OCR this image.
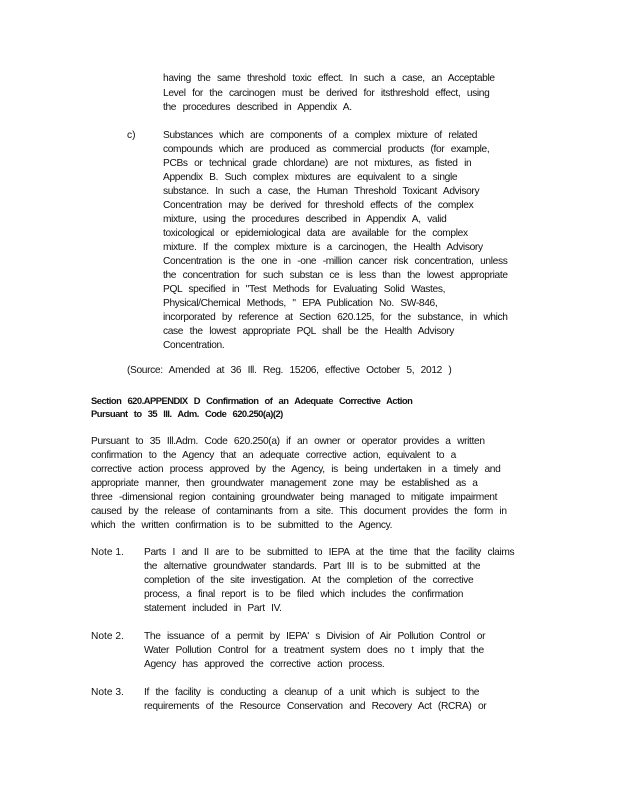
having the same threshold toxic effect. In such a case, an Acceptable
Level for the carcinogen must be derived for itsthreshold effect, using
the procedures described in Appendix A.
c)	Substances which are components of a complex mixture of related
compounds which are produced as commercial products (for example,
PCBs or technical grade chlordane) are not mixtures, as fisted in
Appendix B. Such complex mixtures are equivalent to a single
substance. In such a case, the Human Threshold Toxicant Advisory
Concentration may be derived for threshold effects of the complex
mixture, using the procedures described in Appendix A, valid
toxicological or epidemiological data are available for the complex
mixture. If the complex mixture is a carcinogen, the Health Advisory
Concentration is the one in -one -million cancer risk concentration, unless
the concentration for such substan ce is less than the lowest appropriate
PQL specified in "Test Methods for Evaluating Solid Wastes,
Physical/Chemical Methods, " EPA Publication No. SW-846,
incorporated by reference at Section 620.125, for the substance, in which
case the lowest appropriate PQL shall be the Health Advisory
Concentration.
(Source: Amended at 36 Ill. Reg. 15206, effective October 5, 2012 )
Section 620.APPENDIX D Confirmation of an Adequate Corrective Action
Pursuant to 35 Ill. Adm. Code 620.250(a)(2)
Pursuant to 35 Ill.Adm. Code 620.250(a) if an owner or operator provides a written
confirmation to the Agency that an adequate corrective action, equivalent to a
corrective action process approved by the Agency, is being undertaken in a timely and
appropriate manner, then groundwater management zone may be established as a
three -dimensional region containing groundwater being managed to mitigate impairment
caused by the release of contaminants from a site. This document provides the form in
which the written confirmation is to be submitted to the Agency.
Note 1. Parts I and II are to be submitted to IEPA at the time that the facility claims
the alternative groundwater standards. Part III is to be submitted at the
completion of the site investigation. At the completion of the corrective
process, a final report is to be filed which includes the confirmation
statement included in Part IV.
Note 2. The issuance of a permit by IEPA' s Division of Air Pollution Control or
Water Pollution Control for a treatment system does no t imply that the
Agency has approved the corrective action process.
Note 3. If the facility is conducting a cleanup of a unit which is subject to the
requirements of the Resource Conservation and Recovery Act (RCRA) or
